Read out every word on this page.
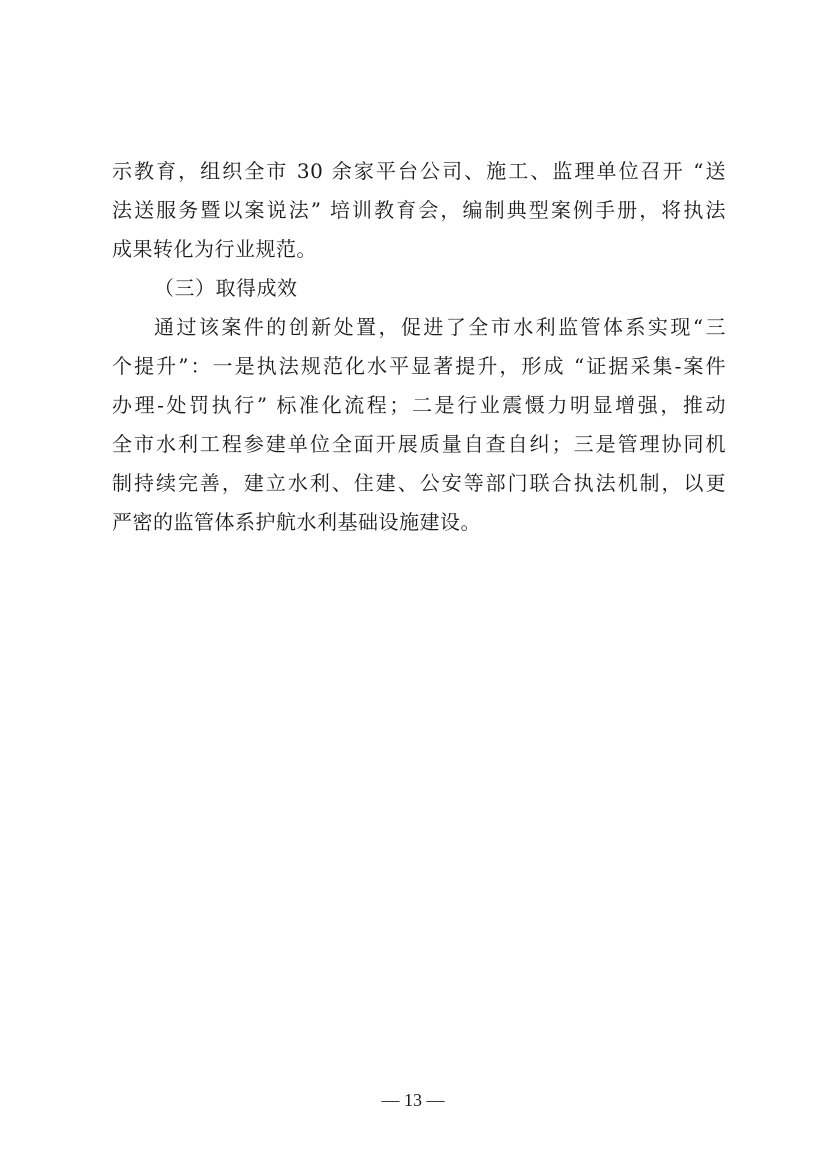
示教育，组织全市 30 余家平台公司、施工、监理单位召开 “送
法送服务暨以案说法” 培训教育会，编制典型案例手册，将执法
成果转化为行业规范。
（三）取得成效
通过该案件的创新处置，促进了全市水利监管体系实现“三
个提升”：一是执法规范化水平显著提升，形成 “证据采集-案件
办理-处罚执行” 标准化流程；二是行业震慑力明显增强，推动
全市水利工程参建单位全面开展质量自查自纠；三是管理协同机
制持续完善，建立水利、住建、公安等部门联合执法机制，以更
严密的监管体系护航水利基础设施建设。
— 13 —
